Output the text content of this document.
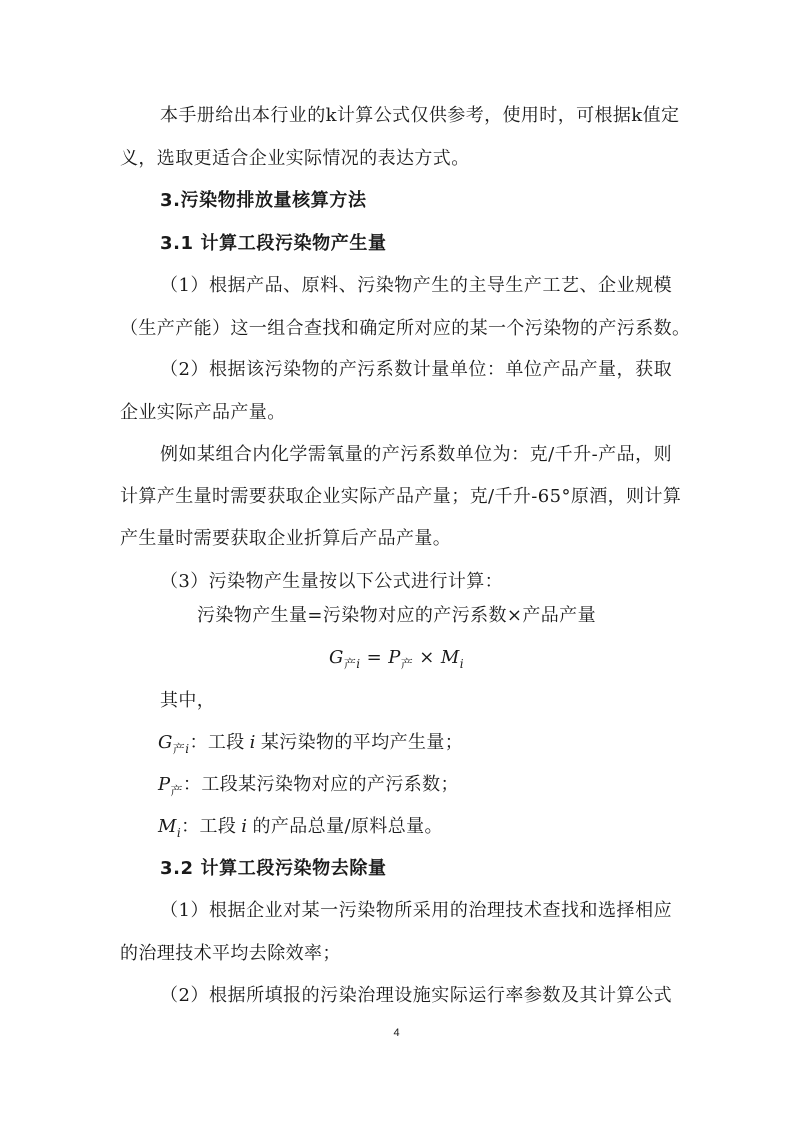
本手册给出本行业的k计算公式仅供参考，使用时，可根据k值定
义，选取更适合企业实际情况的表达方式。
3.污染物排放量核算方法
3.1 计算工段污染物产生量
（1）根据产品、原料、污染物产生的主导生产工艺、企业规模
（生产产能）这一组合查找和确定所对应的某一个污染物的产污系数。
（2）根据该污染物的产污系数计量单位：单位产品产量，获取
企业实际产品产量。
例如某组合内化学需氧量的产污系数单位为：克/千升-产品，则
计算产生量时需要获取企业实际产品产量；克/千升-65°原酒，则计算
产生量时需要获取企业折算后产品产量。
（3）污染物产生量按以下公式进行计算：
污染物产生量=污染物对应的产污系数×产品产量
$G_{产i} = P_产 \times M_i$
其中，
$G_{产i}$：工段 i 某污染物的平均产生量；
$P_产$：工段某污染物对应的产污系数；
$M_i$：工段 i 的产品总量/原料总量。
3.2 计算工段污染物去除量
（1）根据企业对某一污染物所采用的治理技术查找和选择相应
的治理技术平均去除效率；
（2）根据所填报的污染治理设施实际运行率参数及其计算公式
4
